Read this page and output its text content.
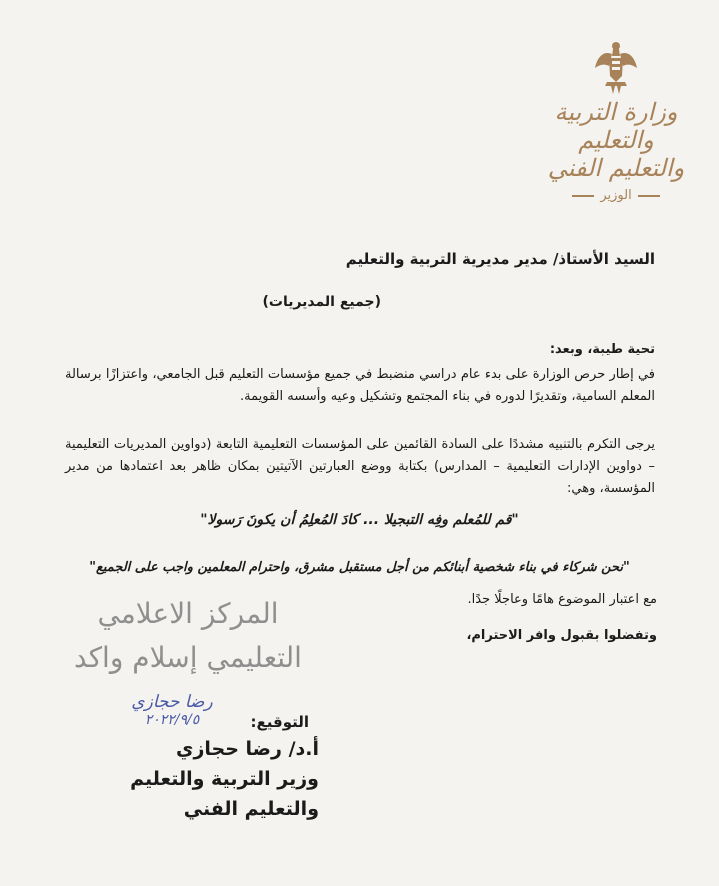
وزارة التربية والتعليم والتعليم الفني
الوزير
السيد الأستاذ/ مدير مديرية التربية والتعليم
(جميع المديريات)
تحية طيبة، وبعد:
في إطار حرص الوزارة على بدء عام دراسي منضبط في جميع مؤسسات التعليم قبل الجامعي، واعتزازًا برسالة المعلم السامية، وتقديرًا لدوره في بناء المجتمع وتشكيل وعيه وأسسه القويمة.
يرجى التكرم بالتنبيه مشددًا على السادة القائمين على المؤسسات التعليمية التابعة (دواوين المديريات التعليمية – دواوين الإدارات التعليمية – المدارس) بكتابة ووضع العبارتين الآتيتين بمكان ظاهر بعد اعتمادها من مدير المؤسسة، وهي:
"قم للمُعلم وفِه التبجيلا ... كادَ المُعلِمُ أن يكونَ رَسولا"
"نحن شركاء في بناء شخصية أبنائكم من أجل مستقبل مشرق، واحترام المعلمين واجب على الجميع"
مع اعتبار الموضوع هامًا وعاجلًا جدًا.
وتفضلوا بقبول وافر الاحترام،
المركز الاعلامي
التعليمي إسلام واكد
رضا حجازي
٢٠٢٢/٩/٥	التوقيع:
أ.د/ رضا حجازي
وزير التربية والتعليم
والتعليم الفني
